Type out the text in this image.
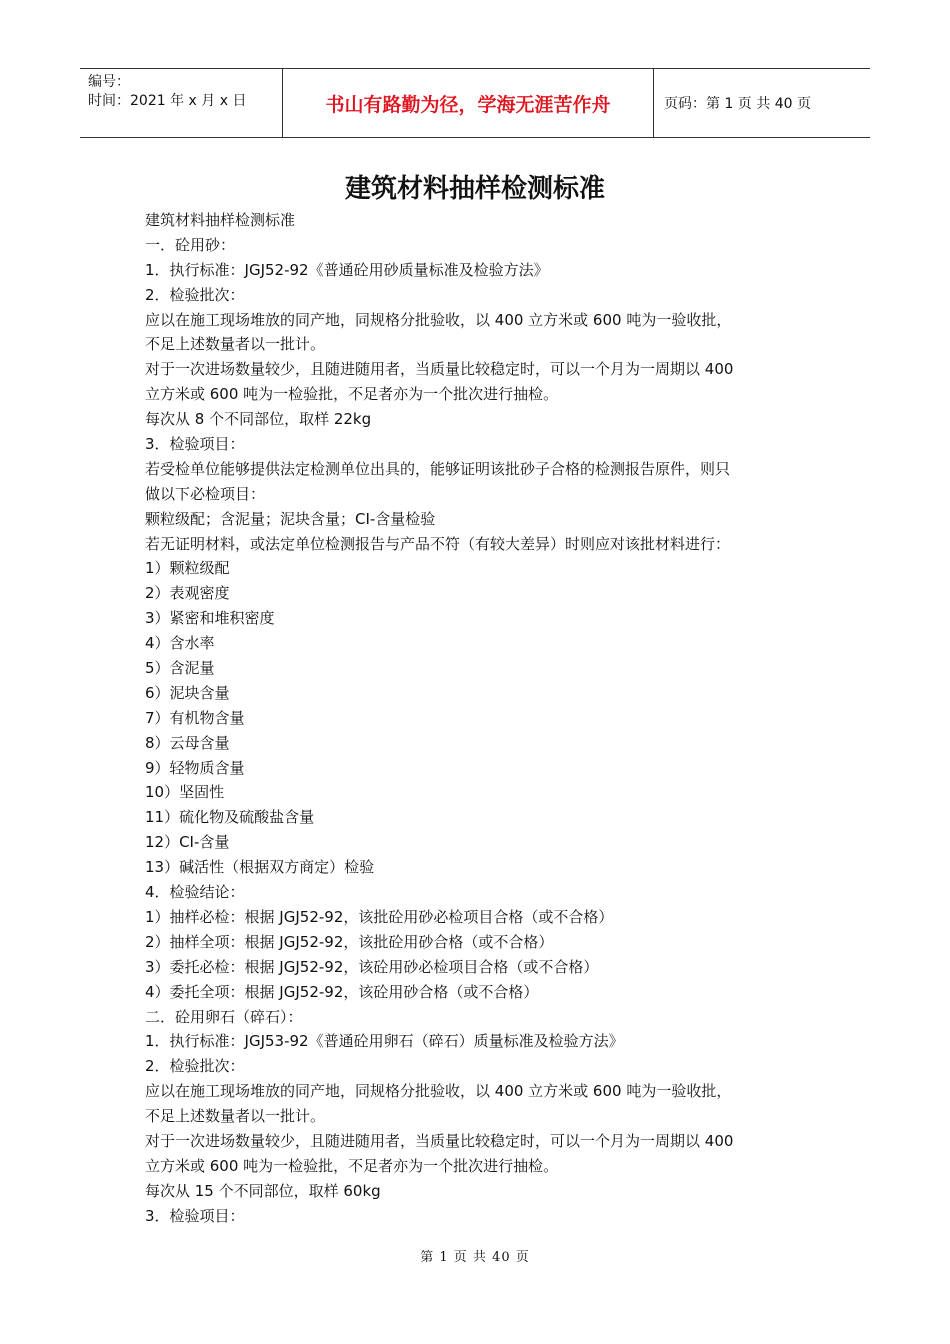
编号：
时间：2021 年 x 月 x 日	书山有路勤为径，学海无涯苦作舟	页码：第 1 页 共 40 页
建筑材料抽样检测标准
建筑材料抽样检测标准
一．砼用砂：
1．执行标准：JGJ52-92《普通砼用砂质量标准及检验方法》
2．检验批次：
应以在施工现场堆放的同产地，同规格分批验收，以 400 立方米或 600 吨为一验收批，
不足上述数量者以一批计。
对于一次进场数量较少，且随进随用者，当质量比较稳定时，可以一个月为一周期以 400
立方米或 600 吨为一检验批，不足者亦为一个批次进行抽检。
每次从 8 个不同部位，取样 22kg
3．检验项目：
若受检单位能够提供法定检测单位出具的，能够证明该批砂子合格的检测报告原件，则只
做以下必检项目：
颗粒级配；含泥量；泥块含量；CI-含量检验
若无证明材料，或法定单位检测报告与产品不符（有较大差异）时则应对该批材料进行：
1）颗粒级配
2）表观密度
3）紧密和堆积密度
4）含水率
5）含泥量
6）泥块含量
7）有机物含量
8）云母含量
9）轻物质含量
10）坚固性
11）硫化物及硫酸盐含量
12）CI-含量
13）碱活性（根据双方商定）检验
4．检验结论：
1）抽样必检：根据 JGJ52-92，该批砼用砂必检项目合格（或不合格）
2）抽样全项：根据 JGJ52-92，该批砼用砂合格（或不合格）
3）委托必检：根据 JGJ52-92，该砼用砂必检项目合格（或不合格）
4）委托全项：根据 JGJ52-92，该砼用砂合格（或不合格）
二．砼用卵石（碎石）：
1．执行标准：JGJ53-92《普通砼用卵石（碎石）质量标准及检验方法》
2．检验批次：
应以在施工现场堆放的同产地，同规格分批验收，以 400 立方米或 600 吨为一验收批，
不足上述数量者以一批计。
对于一次进场数量较少，且随进随用者，当质量比较稳定时，可以一个月为一周期以 400
立方米或 600 吨为一检验批，不足者亦为一个批次进行抽检。
每次从 15 个不同部位，取样 60kg
3．检验项目：
第 1 页 共 40 页
